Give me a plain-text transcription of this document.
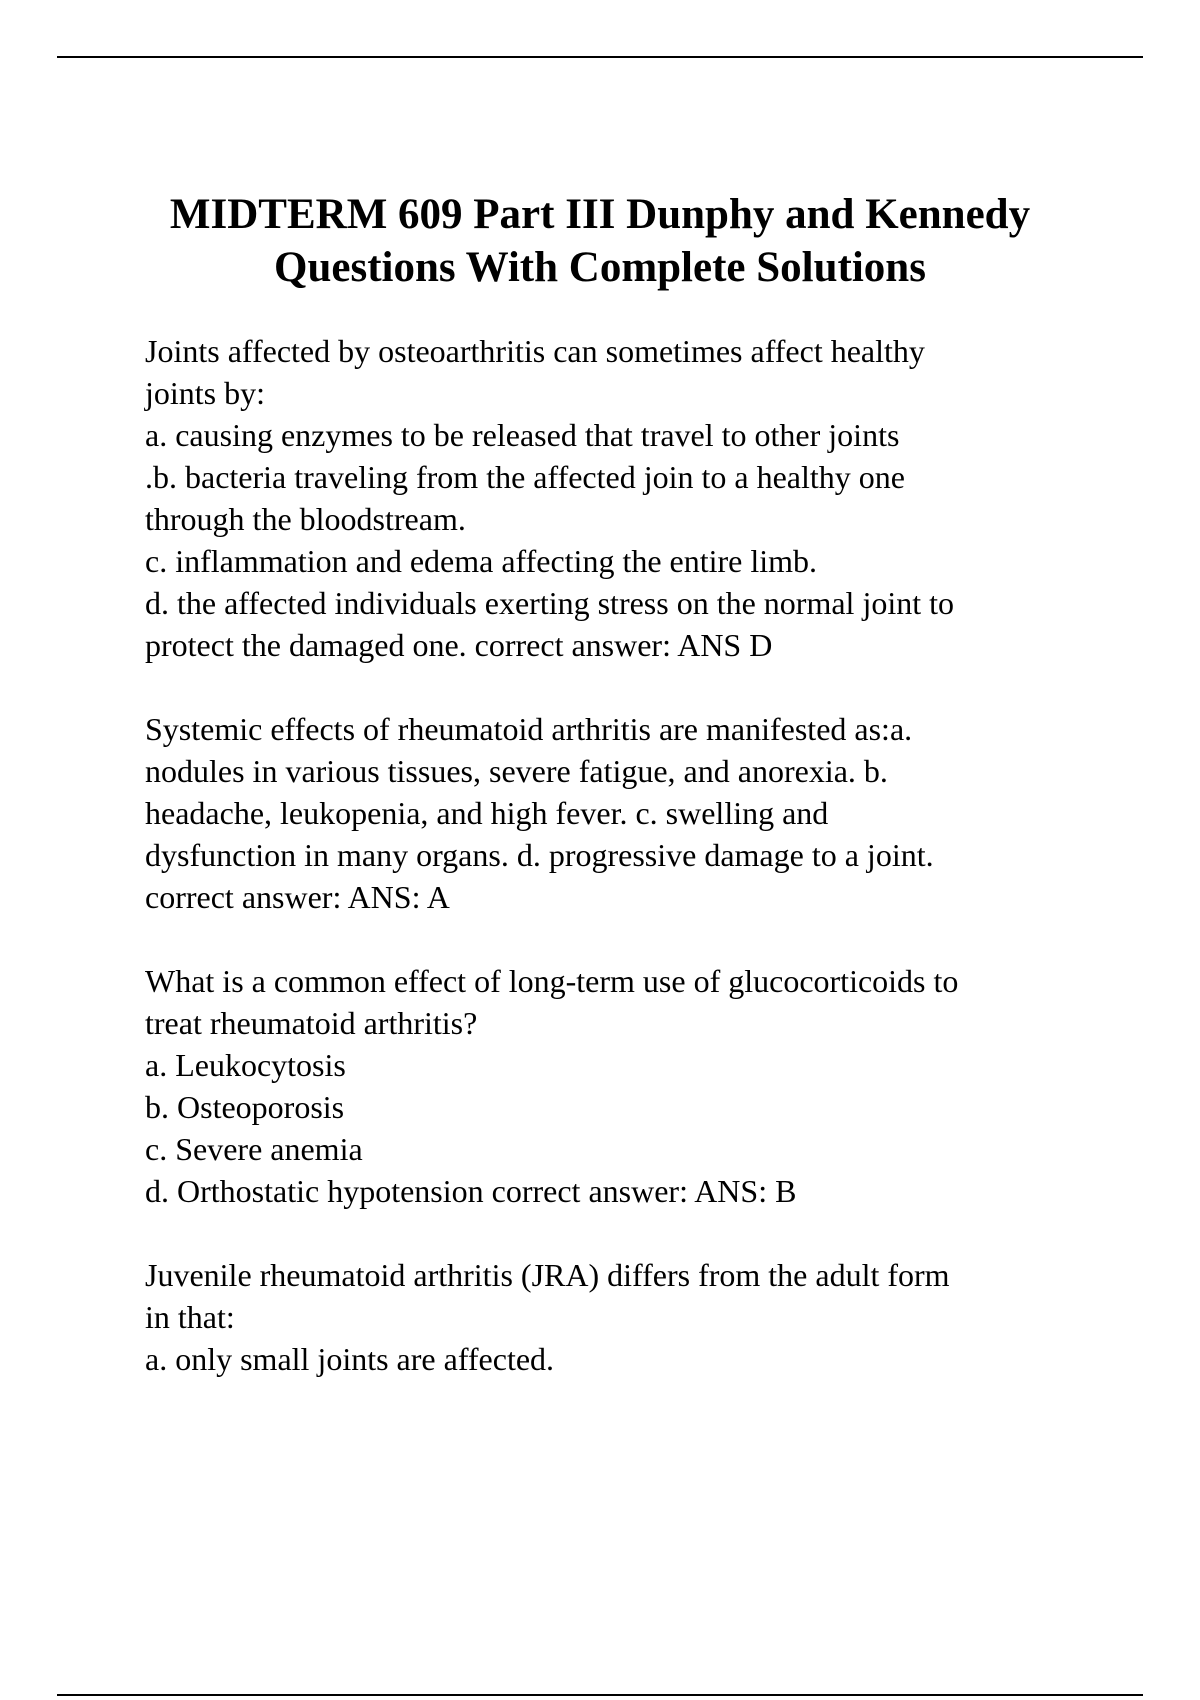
MIDTERM 609 Part III Dunphy and Kennedy
Questions With Complete Solutions
Joints affected by osteoarthritis can sometimes affect healthy
joints by:
a. causing enzymes to be released that travel to other joints
.b. bacteria traveling from the affected join to a healthy one
through the bloodstream.
c. inflammation and edema affecting the entire limb.
d. the affected individuals exerting stress on the normal joint to
protect the damaged one. correct answer: ANS D
Systemic effects of rheumatoid arthritis are manifested as:a.
nodules in various tissues, severe fatigue, and anorexia. b.
headache, leukopenia, and high fever. c. swelling and
dysfunction in many organs. d. progressive damage to a joint.
correct answer: ANS: A
What is a common effect of long-term use of glucocorticoids to
treat rheumatoid arthritis?
a. Leukocytosis
b. Osteoporosis
c. Severe anemia
d. Orthostatic hypotension correct answer: ANS: B
Juvenile rheumatoid arthritis (JRA) differs from the adult form
in that:
a. only small joints are affected.
